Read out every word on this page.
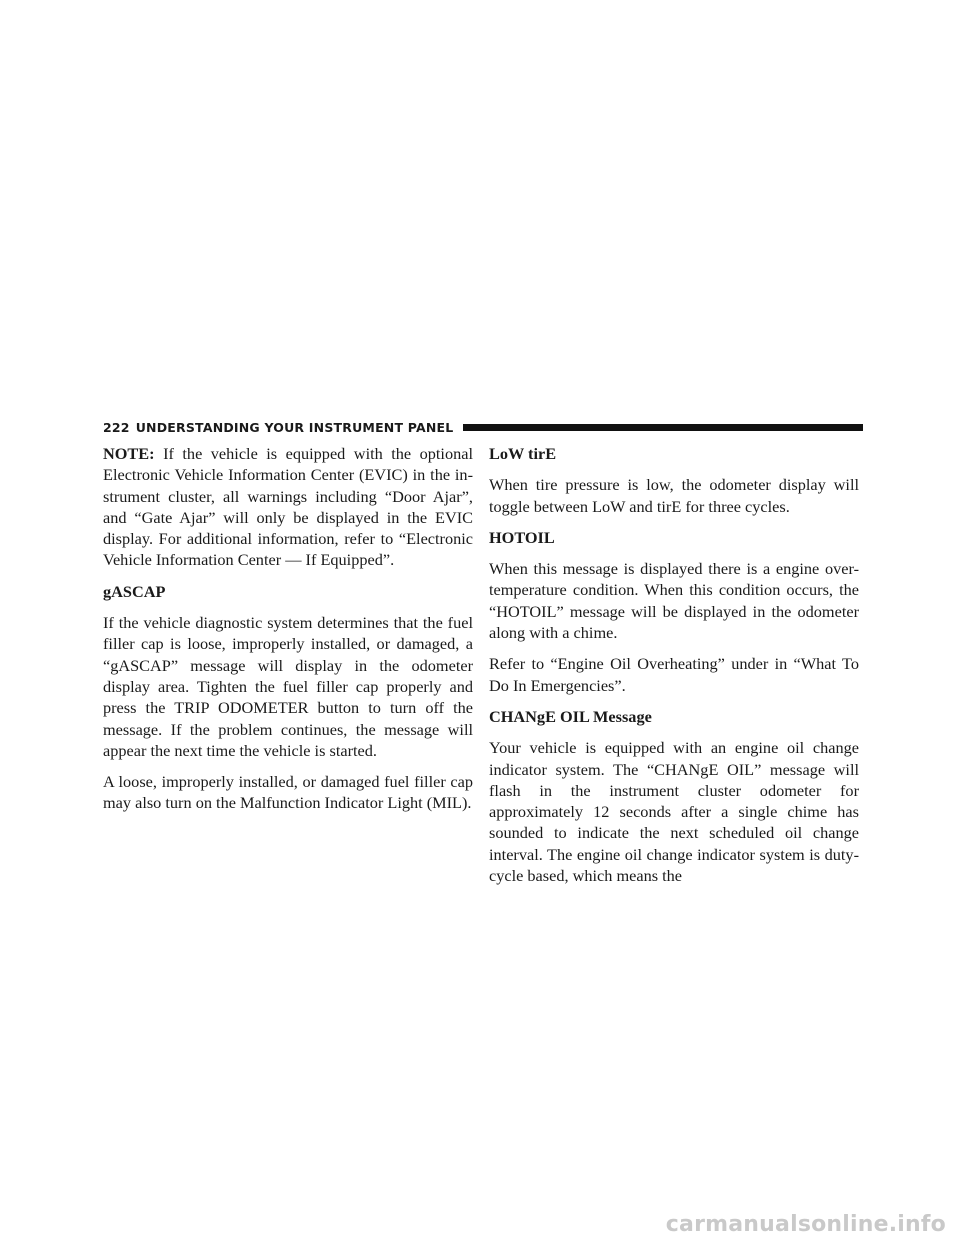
222 UNDERSTANDING YOUR INSTRUMENT PANEL

NOTE: If the vehicle is equipped with the optional Electronic Vehicle Information Center (EVIC) in the in-strument cluster, all warnings including “Door Ajar”, and “Gate Ajar” will only be displayed in the EVIC display. For additional information, refer to “Electronic Vehicle Information Center — If Equipped”.

gASCAP

If the vehicle diagnostic system determines that the fuel filler cap is loose, improperly installed, or damaged, a “gASCAP” message will display in the odometer display area. Tighten the fuel filler cap properly and press the TRIP ODOMETER button to turn off the message. If the problem continues, the message will appear the next time the vehicle is started.

A loose, improperly installed, or damaged fuel filler cap may also turn on the Malfunction Indicator Light (MIL).

LoW tirE

When tire pressure is low, the odometer display will toggle between LoW and tirE for three cycles.

HOTOIL

When this message is displayed there is a engine over-temperature condition. When this condition occurs, the “HOTOIL” message will be displayed in the odometer along with a chime.

Refer to “Engine Oil Overheating” under in “What To Do In Emergencies”.

CHANgE OIL Message

Your vehicle is equipped with an engine oil change indicator system. The “CHANgE OIL” message will flash in the instrument cluster odometer for approximately 12 seconds after a single chime has sounded to indicate the next scheduled oil change interval. The engine oil change indicator system is duty-cycle based, which means the

carmanualsonline.info
